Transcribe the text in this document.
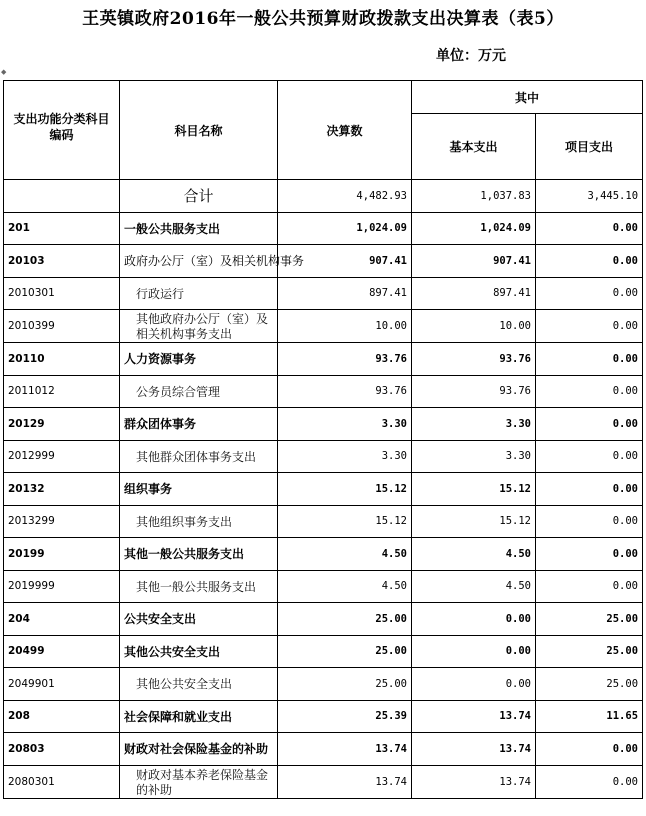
王英镇政府2016年一般公共预算财政拨款支出决算表（表5）
单位：万元
◆
支出功能分类科目编码	科目名称	决算数	其中	
			基本支出	项目支出
	合计	4,482.93	1,037.83	3,445.10
201	一般公共服务支出	1,024.09	1,024.09	0.00
20103	政府办公厅（室）及相关机构事务	907.41	907.41	0.00
2010301	行政运行	897.41	897.41	0.00
2010399	其他政府办公厅（室）及相关机构事务支出	10.00	10.00	0.00
20110	人力资源事务	93.76	93.76	0.00
2011012	公务员综合管理	93.76	93.76	0.00
20129	群众团体事务	3.30	3.30	0.00
2012999	其他群众团体事务支出	3.30	3.30	0.00
20132	组织事务	15.12	15.12	0.00
2013299	其他组织事务支出	15.12	15.12	0.00
20199	其他一般公共服务支出	4.50	4.50	0.00
2019999	其他一般公共服务支出	4.50	4.50	0.00
204	公共安全支出	25.00	0.00	25.00
20499	其他公共安全支出	25.00	0.00	25.00
2049901	其他公共安全支出	25.00	0.00	25.00
208	社会保障和就业支出	25.39	13.74	11.65
20803	财政对社会保险基金的补助	13.74	13.74	0.00
2080301	财政对基本养老保险基金的补助	13.74	13.74	0.00
